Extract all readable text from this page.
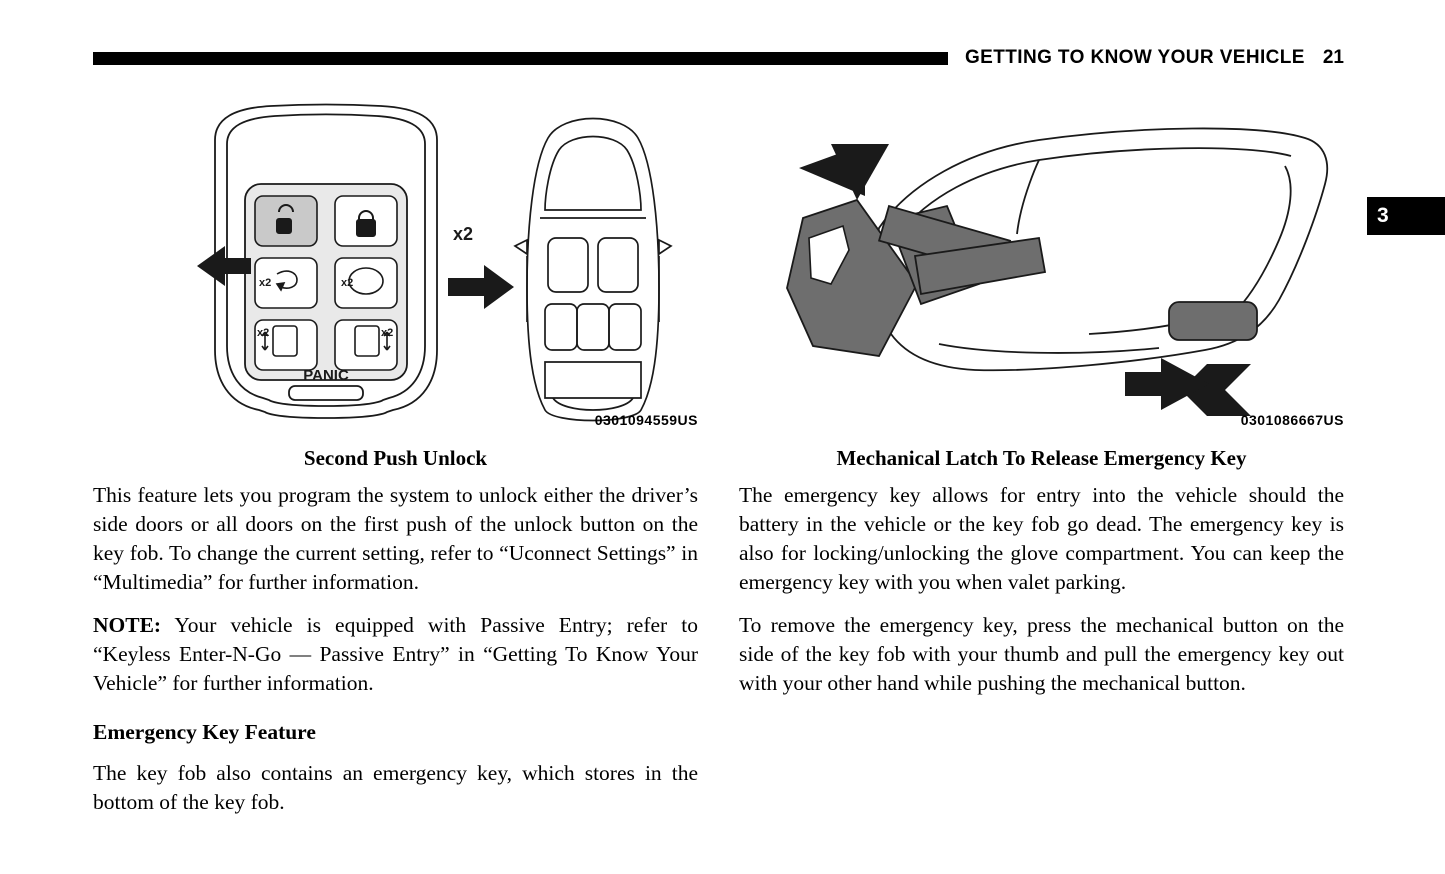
GETTING TO KNOW YOUR VEHICLE 21
3
x2	x2
x2	x2
PANIC
x2
0301094559US
Second Push Unlock

This feature lets you program the system to unlock either the driver’s side doors or all doors on the first push of the unlock button on the key fob. To change the current setting, refer to “Uconnect Settings” in “Multimedia” for further information.

NOTE: Your vehicle is equipped with Passive Entry; refer to “Keyless Enter-N-Go — Passive Entry” in “Getting To Know Your Vehicle” for further information.

Emergency Key Feature

The key fob also contains an emergency key, which stores in the bottom of the key fob.

0301086667US
Mechanical Latch To Release Emergency Key

The emergency key allows for entry into the vehicle should the battery in the vehicle or the key fob go dead. The emergency key is also for locking/unlocking the glove compartment. You can keep the emergency key with you when valet parking.

To remove the emergency key, press the mechanical button on the side of the key fob with your thumb and pull the emergency key out with your other hand while pushing the mechanical button.
